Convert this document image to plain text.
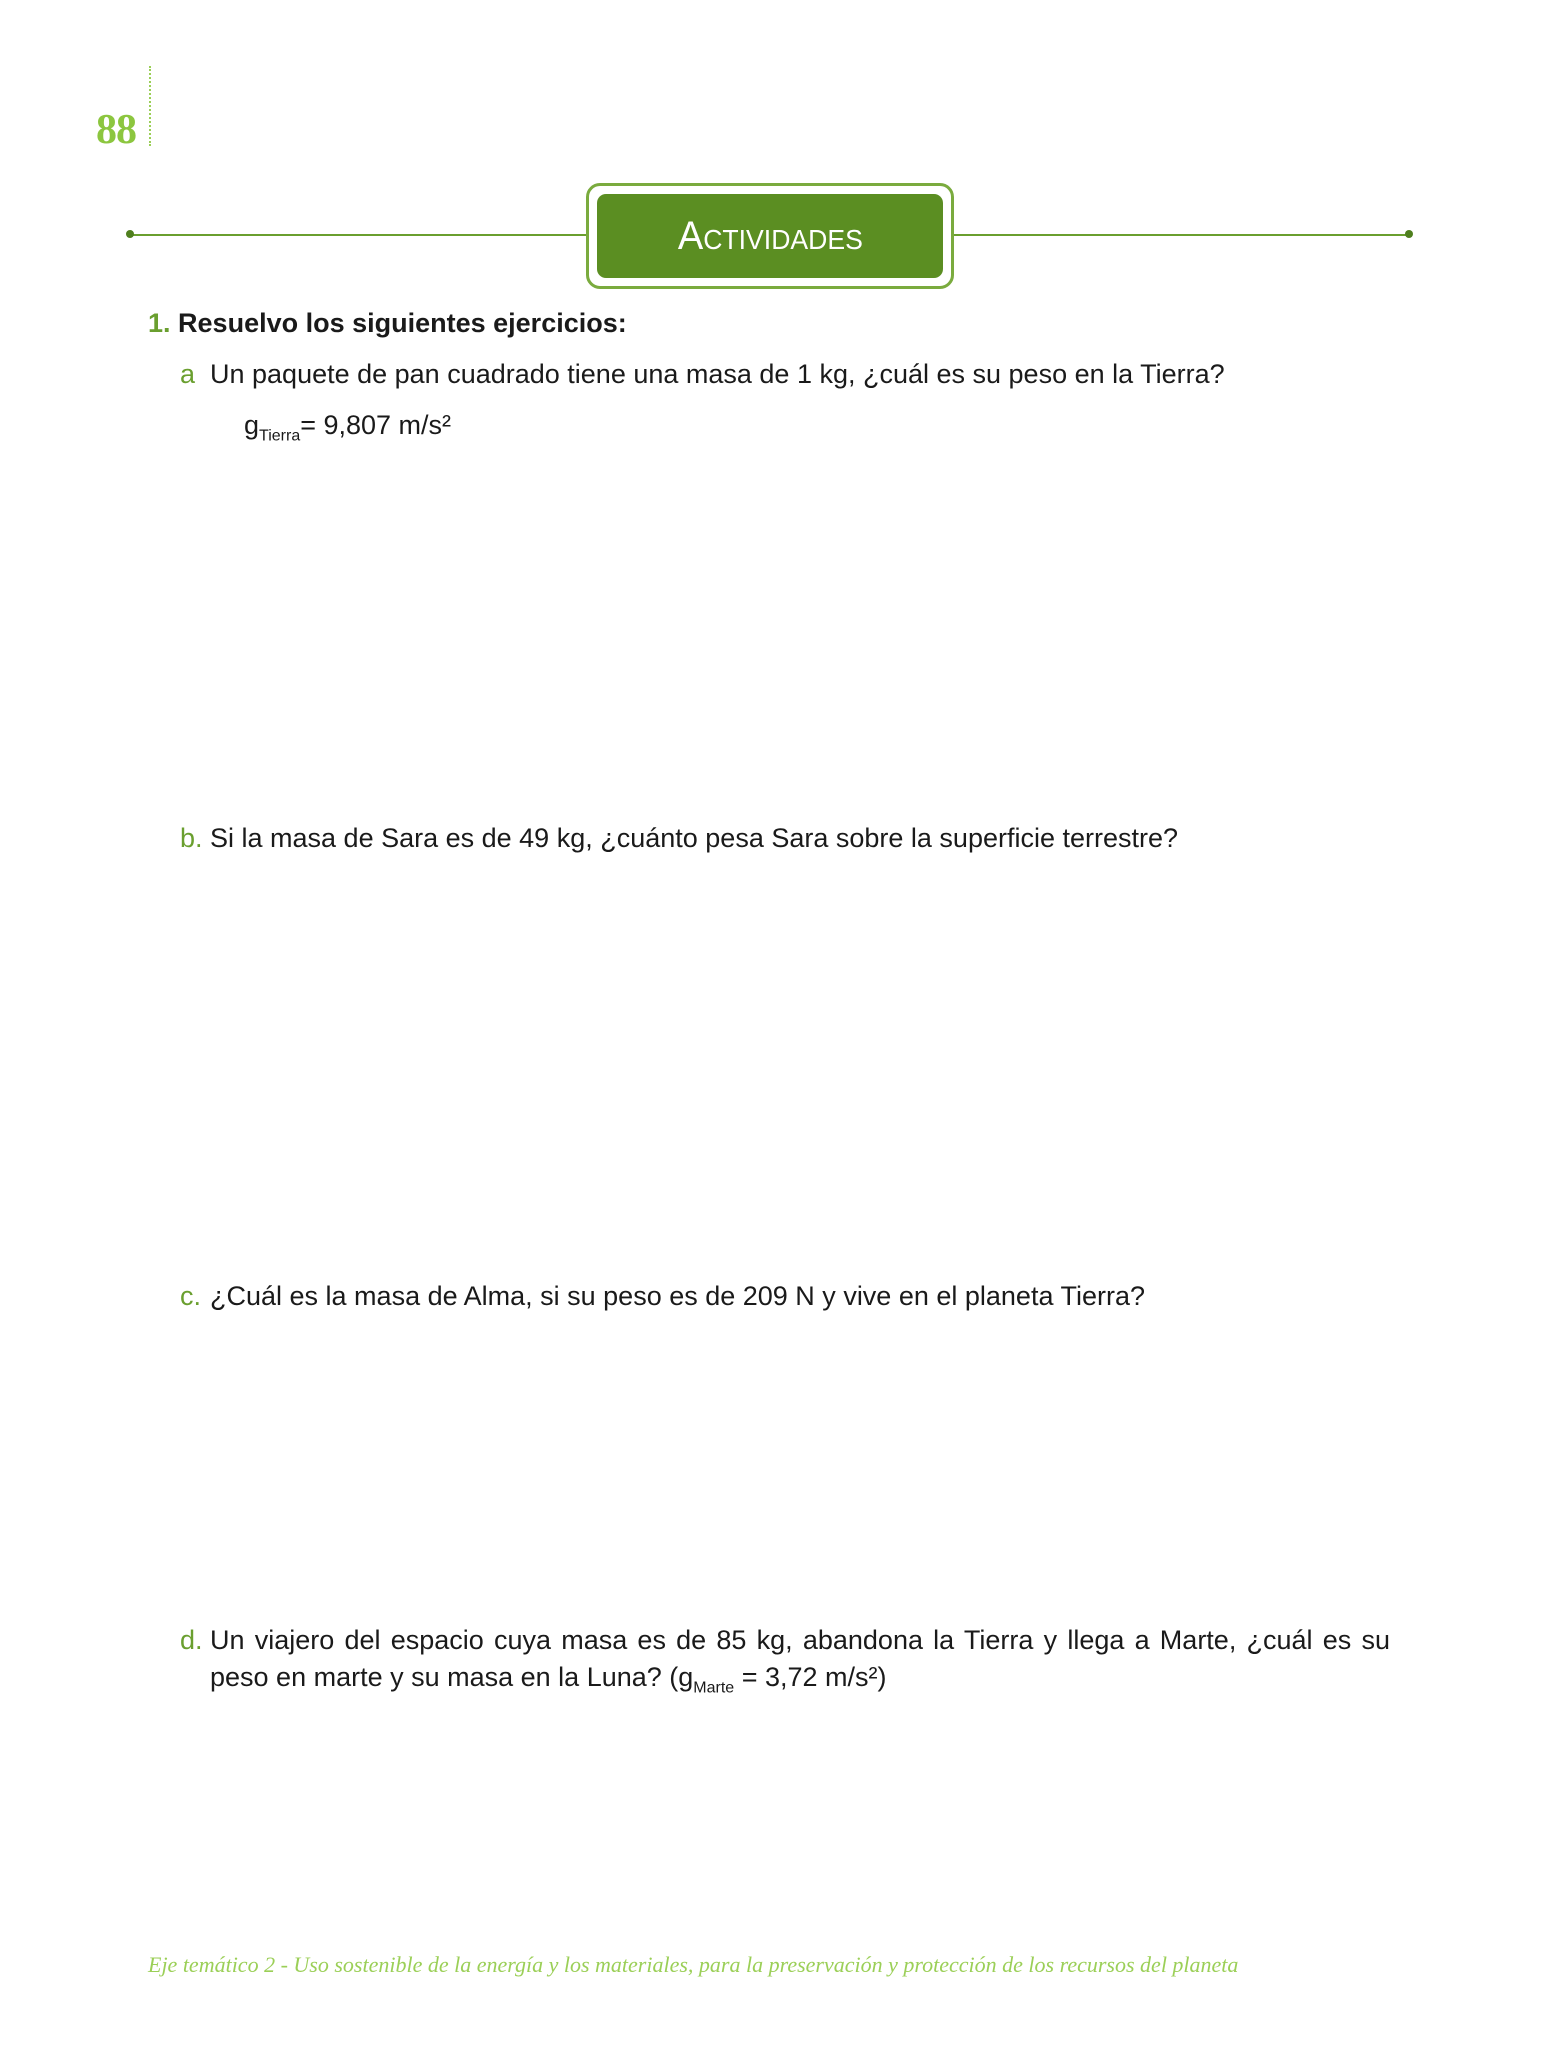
88
Actividades
1. Resuelvo los siguientes ejercicios:
a Un paquete de pan cuadrado tiene una masa de 1 kg, ¿cuál es su peso en la Tierra?
$g_{Tierra}= 9,807$ m/s²
b. Si la masa de Sara es de 49 kg, ¿cuánto pesa Sara sobre la superficie terrestre?
c. ¿Cuál es la masa de Alma, si su peso es de 209 N y vive en el planeta Tierra?
d. Un viajero del espacio cuya masa es de 85 kg, abandona la Tierra y llega a Marte, ¿cuál es su peso en marte y su masa en la Luna? ($g_{Marte} = 3,72$ m/s²)
Eje temático 2 - Uso sostenible de la energía y los materiales, para la preservación y protección de los recursos del planeta
